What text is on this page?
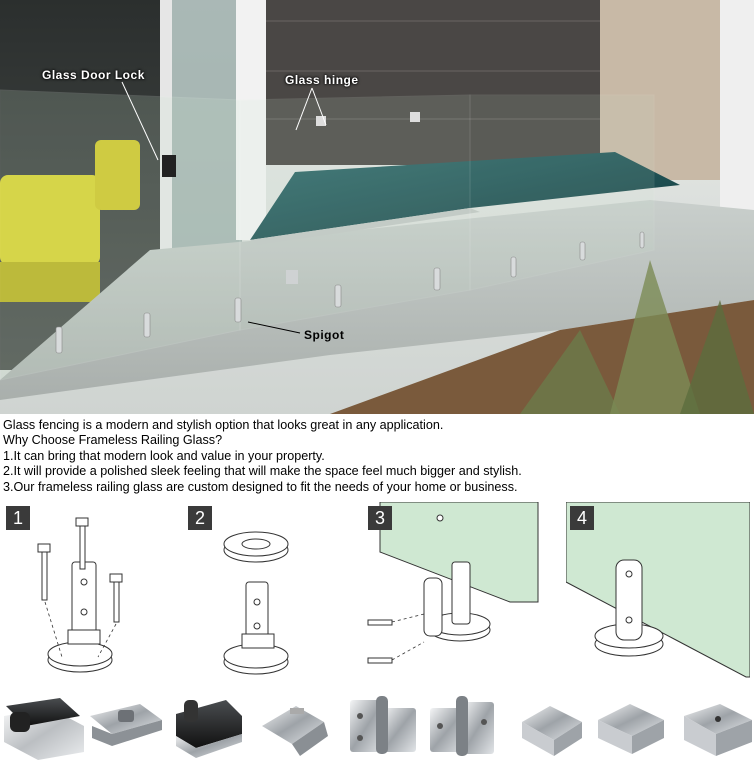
Glass Door Lock	Glass hinge
Spigot
Glass fencing is a modern and stylish option that looks great in any application.
Why Choose Frameless Railing Glass?
1.It can bring that modern look and value in your property.
2.It will provide a polished sleek feeling that will make the space feel much bigger and stylish.
3.Our frameless railing glass are custom designed to fit the needs of your home or business.
1	2	3	4
